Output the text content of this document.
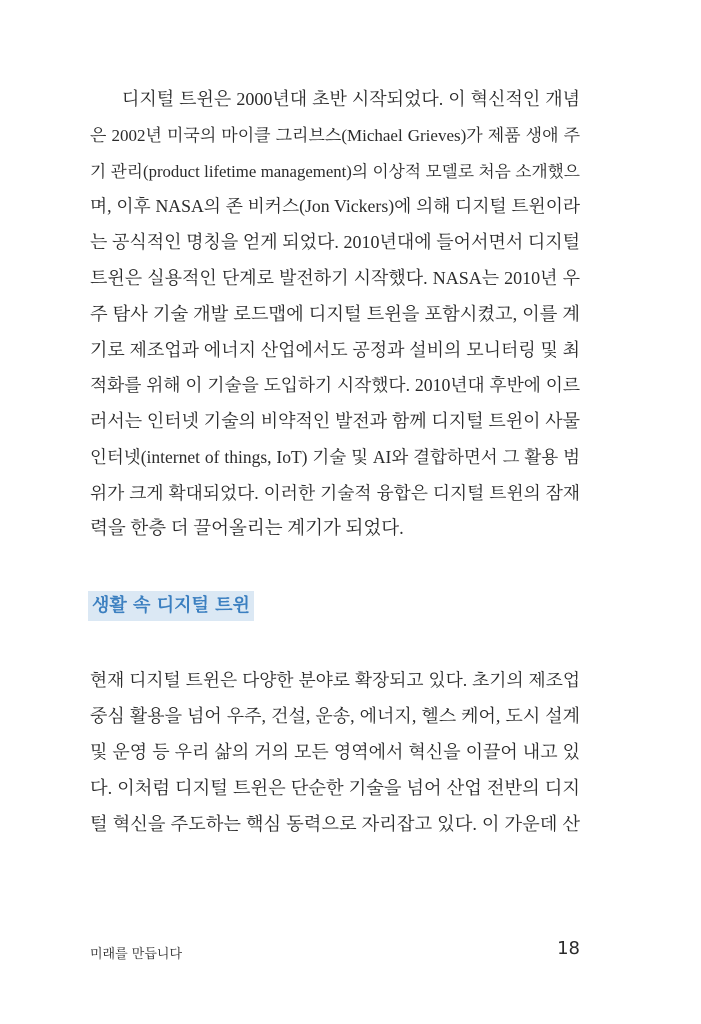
디지털 트윈은 2000년대 초반 시작되었다. 이 혁신적인 개념
은 2002년 미국의 마이클 그리브스(Michael Grieves)가 제품 생애 주
기 관리(product lifetime management)의 이상적 모델로 처음 소개했으
며, 이후 NASA의 존 비커스(Jon Vickers)에 의해 디지털 트윈이라
는 공식적인 명칭을 얻게 되었다. 2010년대에 들어서면서 디지털
트윈은 실용적인 단계로 발전하기 시작했다. NASA는 2010년 우
주 탐사 기술 개발 로드맵에 디지털 트윈을 포함시켰고, 이를 계
기로 제조업과 에너지 산업에서도 공정과 설비의 모니터링 및 최
적화를 위해 이 기술을 도입하기 시작했다. 2010년대 후반에 이르
러서는 인터넷 기술의 비약적인 발전과 함께 디지털 트윈이 사물
인터넷(internet of things, IoT) 기술 및 AI와 결합하면서 그 활용 범
위가 크게 확대되었다. 이러한 기술적 융합은 디지털 트윈의 잠재
력을 한층 더 끌어올리는 계기가 되었다.
생활 속 디지털 트윈
현재 디지털 트윈은 다양한 분야로 확장되고 있다. 초기의 제조업
중심 활용을 넘어 우주, 건설, 운송, 에너지, 헬스 케어, 도시 설계
및 운영 등 우리 삶의 거의 모든 영역에서 혁신을 이끌어 내고 있
다. 이처럼 디지털 트윈은 단순한 기술을 넘어 산업 전반의 디지
털 혁신을 주도하는 핵심 동력으로 자리잡고 있다. 이 가운데 산
미래를 만듭니다	18
